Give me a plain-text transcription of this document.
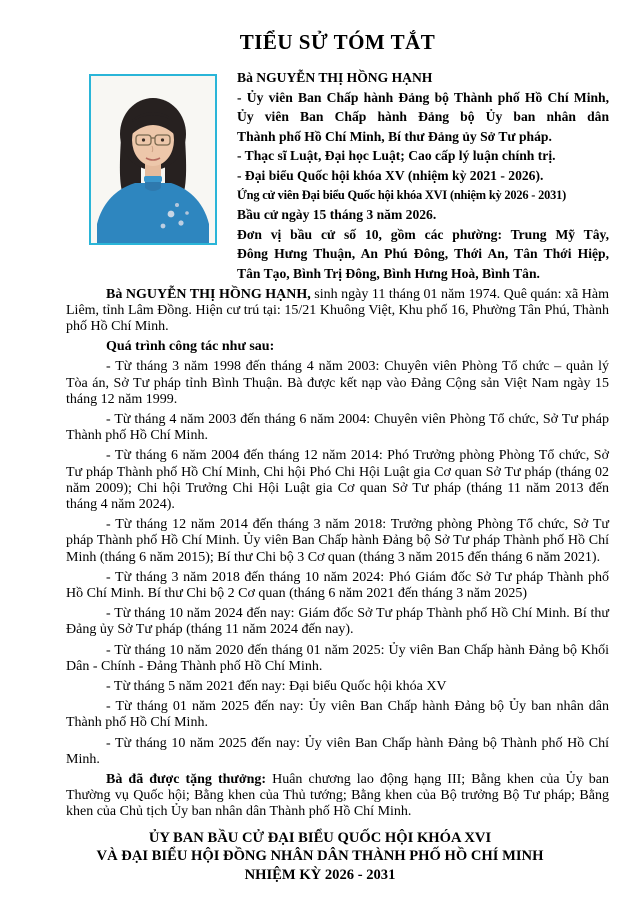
TIỂU SỬ TÓM TẮT
Bà NGUYỄN THỊ HỒNG HẠNH
- Ủy viên Ban Chấp hành Đảng bộ Thành phố Hồ Chí Minh,
Ủy viên Ban Chấp hành Đảng bộ Ủy ban nhân dân
Thành phố Hồ Chí Minh, Bí thư Đảng ủy Sở Tư pháp.
- Thạc sĩ Luật, Đại học Luật; Cao cấp lý luận chính trị.
- Đại biểu Quốc hội khóa XV (nhiệm kỳ 2021 - 2026).
Ứng cử viên Đại biểu Quốc hội khóa XVI (nhiệm kỳ 2026 - 2031)
Bầu cử ngày 15 tháng 3 năm 2026.
Đơn vị bầu cử số 10, gồm các phường: Trung Mỹ Tây,
Đông Hưng Thuận, An Phú Đông, Thới An, Tân Thới Hiệp,
Tân Tạo, Bình Trị Đông, Bình Hưng Hoà, Bình Tân.
Bà NGUYỄN THỊ HỒNG HẠNH, sinh ngày 11 tháng 01 năm 1974. Quê quán: xã Hàm Liêm, tỉnh Lâm Đồng. Hiện cư trú tại: 15/21 Khuông Việt, Khu phố 16, Phường Tân Phú, Thành phố Hồ Chí Minh.
Quá trình công tác như sau:
- Từ tháng 3 năm 1998 đến tháng 4 năm 2003: Chuyên viên Phòng Tổ chức – quản lý Tòa án, Sở Tư pháp tỉnh Bình Thuận. Bà được kết nạp vào Đảng Cộng sản Việt Nam ngày 15 tháng 12 năm 1999.
- Từ tháng 4 năm 2003 đến tháng 6 năm 2004: Chuyên viên Phòng Tổ chức, Sở Tư pháp Thành phố Hồ Chí Minh.
- Từ tháng 6 năm 2004 đến tháng 12 năm 2014: Phó Trưởng phòng Phòng Tổ chức, Sở Tư pháp Thành phố Hồ Chí Minh, Chi hội Phó Chi Hội Luật gia Cơ quan Sở Tư pháp (tháng 02 năm 2009); Chi hội Trưởng Chi Hội Luật gia Cơ quan Sở Tư pháp (tháng 11 năm 2013 đến tháng 4 năm 2024).
- Từ tháng 12 năm 2014 đến tháng 3 năm 2018: Trưởng phòng Phòng Tổ chức, Sở Tư pháp Thành phố Hồ Chí Minh. Ủy viên Ban Chấp hành Đảng bộ Sở Tư pháp Thành phố Hồ Chí Minh (tháng 6 năm 2015); Bí thư Chi bộ 3 Cơ quan (tháng 3 năm 2015 đến tháng 6 năm 2021).
- Từ tháng 3 năm 2018 đến tháng 10 năm 2024: Phó Giám đốc Sở Tư pháp Thành phố Hồ Chí Minh. Bí thư Chi bộ 2 Cơ quan (tháng 6 năm 2021 đến tháng 3 năm 2025)
- Từ tháng 10 năm 2024 đến nay: Giám đốc Sở Tư pháp Thành phố Hồ Chí Minh. Bí thư Đảng ủy Sở Tư pháp (tháng 11 năm 2024 đến nay).
- Từ tháng 10 năm 2020 đến tháng 01 năm 2025: Ủy viên Ban Chấp hành Đảng bộ Khối Dân - Chính - Đảng Thành phố Hồ Chí Minh.
- Từ tháng 5 năm 2021 đến nay: Đại biểu Quốc hội khóa XV
- Từ tháng 01 năm 2025 đến nay: Ủy viên Ban Chấp hành Đảng bộ Ủy ban nhân dân Thành phố Hồ Chí Minh.
- Từ tháng 10 năm 2025 đến nay: Ủy viên Ban Chấp hành Đảng bộ Thành phố Hồ Chí Minh.
Bà đã được tặng thưởng: Huân chương lao động hạng III; Bằng khen của Ủy ban Thường vụ Quốc hội; Bằng khen của Thủ tướng; Bằng khen của Bộ trưởng Bộ Tư pháp; Bằng khen của Chủ tịch Ủy ban nhân dân Thành phố Hồ Chí Minh.
ỦY BAN BẦU CỬ ĐẠI BIỂU QUỐC HỘI KHÓA XVI
VÀ ĐẠI BIỂU HỘI ĐỒNG NHÂN DÂN THÀNH PHỐ HỒ CHÍ MINH
NHIỆM KỲ 2026 - 2031
